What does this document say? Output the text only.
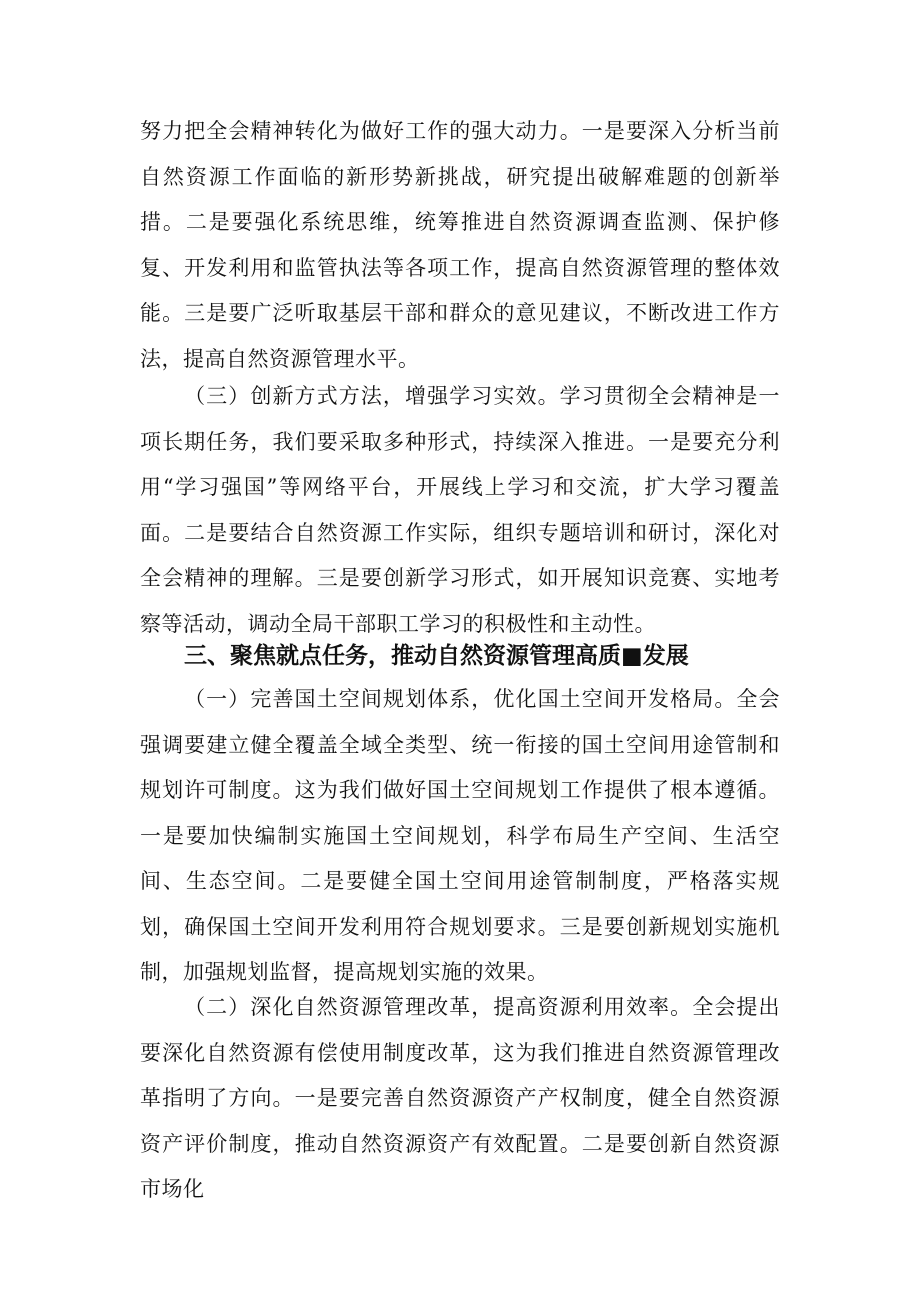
努力把全会精神转化为做好工作的强大动力。一是要深入分析当前自然资源工作面临的新形势新挑战，研究提出破解难题的创新举措。二是要强化系统思维，统筹推进自然资源调查监测、保护修复、开发利用和监管执法等各项工作，提高自然资源管理的整体效能。三是要广泛听取基层干部和群众的意见建议，不断改进工作方法，提高自然资源管理水平。

（三）创新方式方法，增强学习实效。学习贯彻全会精神是一项长期任务，我们要采取多种形式，持续深入推进。一是要充分利用“学习强国”等网络平台，开展线上学习和交流，扩大学习覆盖面。二是要结合自然资源工作实际，组织专题培训和研讨，深化对全会精神的理解。三是要创新学习形式，如开展知识竞赛、实地考察等活动，调动全局干部职工学习的积极性和主动性。

三、聚焦就点任务，推动自然资源管理高质■发展

（一）完善国土空间规划体系，优化国土空间开发格局。全会强调要建立健全覆盖全域全类型、统一衔接的国土空间用途管制和规划许可制度。这为我们做好国土空间规划工作提供了根本遵循。一是要加快编制实施国土空间规划，科学布局生产空间、生活空间、生态空间。二是要健全国土空间用途管制制度，严格落实规划，确保国土空间开发利用符合规划要求。三是要创新规划实施机制，加强规划监督，提高规划实施的效果。

（二）深化自然资源管理改革，提高资源利用效率。全会提出要深化自然资源有偿使用制度改革，这为我们推进自然资源管理改革指明了方向。一是要完善自然资源资产产权制度，健全自然资源资产评价制度，推动自然资源资产有效配置。二是要创新自然资源市场化
